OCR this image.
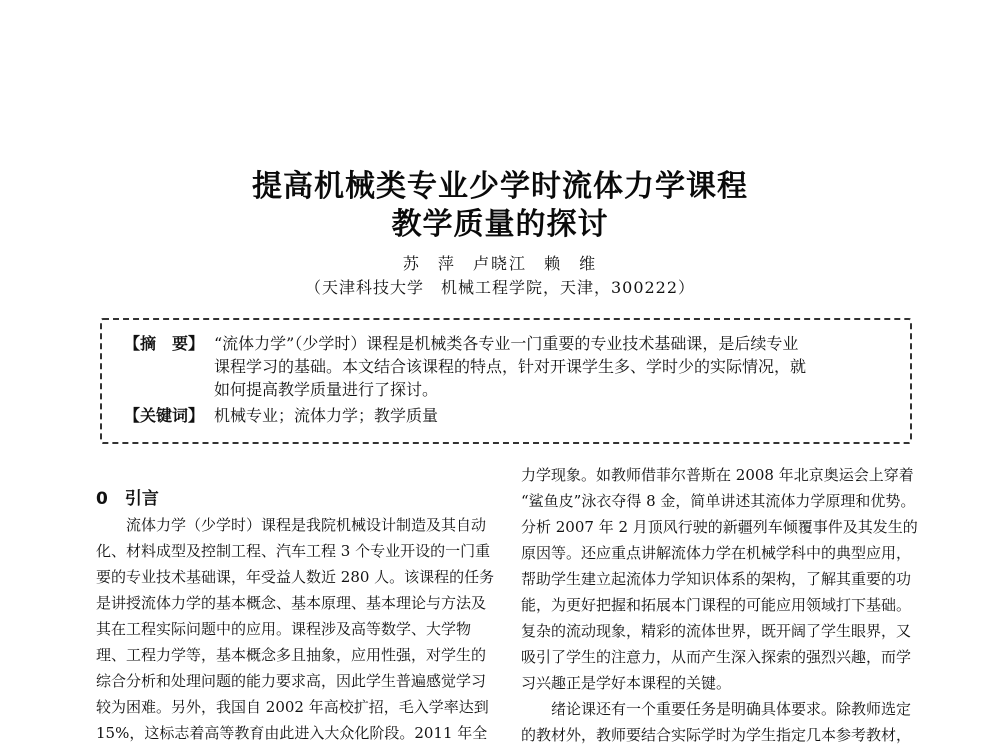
提高机械类专业少学时流体力学课程
教学质量的探讨
苏 萍 卢晓江 赖 维
（天津科技大学　机械工程学院，天津，300222）
【摘　要】 “流体力学”（少学时）课程是机械类各专业一门重要的专业技术基础课，是后续专业
课程学习的基础。本文结合该课程的特点，针对开课学生多、学时少的实际情况，就
如何提高教学质量进行了探讨。
【关键词】 机械专业；流体力学；教学质量
0　引言
　　流体力学（少学时）课程是我院机械设计制造及其自动
化、材料成型及控制工程、汽车工程 3 个专业开设的一门重
要的专业技术基础课，年受益人数近 280 人。该课程的任务
是讲授流体力学的基本概念、基本原理、基本理论与方法及
其在工程实际问题中的应用。课程涉及高等数学、大学物
理、工程力学等，基本概念多且抽象，应用性强，对学生的
综合分析和处理问题的能力要求高，因此学生普遍感觉学习
较为困难。另外，我国自 2002 年高校扩招，毛入学率达到
15%，这标志着高等教育由此进入大众化阶段。2011 年全
力学现象。如教师借菲尔普斯在 2008 年北京奥运会上穿着
“鲨鱼皮”泳衣夺得 8 金，简单讲述其流体力学原理和优势。
分析 2007 年 2 月顶风行驶的新疆列车倾覆事件及其发生的
原因等。还应重点讲解流体力学在机械学科中的典型应用，
帮助学生建立起流体力学知识体系的架构，了解其重要的功
能，为更好把握和拓展本门课程的可能应用领域打下基础。
复杂的流动现象，精彩的流体世界，既开阔了学生眼界，又
吸引了学生的注意力，从而产生深入探索的强烈兴趣，而学
习兴趣正是学好本课程的关键。
　　绪论课还有一个重要任务是明确具体要求。除教师选定
的教材外，教师要结合实际学时为学生指定几本参考教材，
